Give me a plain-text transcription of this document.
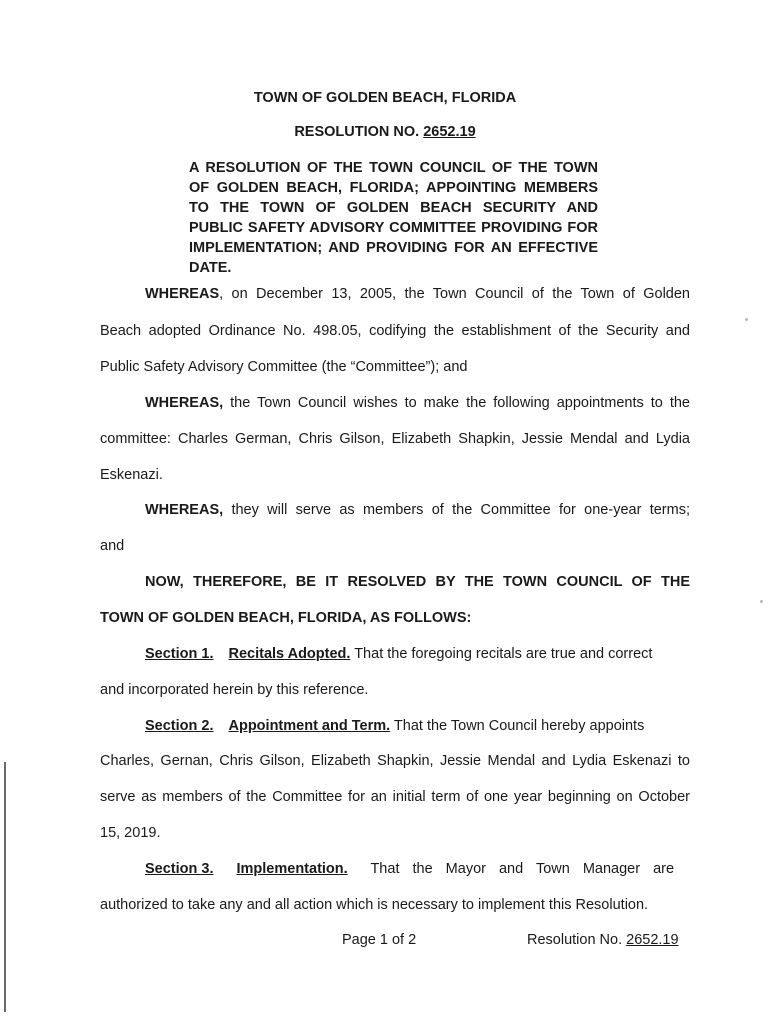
TOWN OF GOLDEN BEACH, FLORIDA
RESOLUTION NO. 2652.19
A RESOLUTION OF THE TOWN COUNCIL OF THE TOWN OF GOLDEN BEACH, FLORIDA; APPOINTING MEMBERS TO THE TOWN OF GOLDEN BEACH SECURITY AND PUBLIC SAFETY ADVISORY COMMITTEE PROVIDING FOR IMPLEMENTATION; AND PROVIDING FOR AN EFFECTIVE DATE.
WHEREAS, on December 13, 2005, the Town Council of the Town of Golden
Beach adopted Ordinance No. 498.05, codifying the establishment of the Security and
Public Safety Advisory Committee (the “Committee”); and
WHEREAS, the Town Council wishes to make the following appointments to the
committee: Charles German, Chris Gilson, Elizabeth Shapkin, Jessie Mendal and Lydia
Eskenazi.
WHEREAS, they will serve as members of the Committee for one-year terms;
and
NOW, THEREFORE, BE IT RESOLVED BY THE TOWN COUNCIL OF THE
TOWN OF GOLDEN BEACH, FLORIDA, AS FOLLOWS:
Section 1. Recitals Adopted. That the foregoing recitals are true and correct
and incorporated herein by this reference.
Section 2. Appointment and Term. That the Town Council hereby appoints
Charles, Gernan, Chris Gilson, Elizabeth Shapkin, Jessie Mendal and Lydia Eskenazi to
serve as members of the Committee for an initial term of one year beginning on October
15, 2019.
Section 3. Implementation. That the Mayor and Town Manager are
authorized to take any and all action which is necessary to implement this Resolution.
Page 1 of 2	Resolution No. 2652.19
